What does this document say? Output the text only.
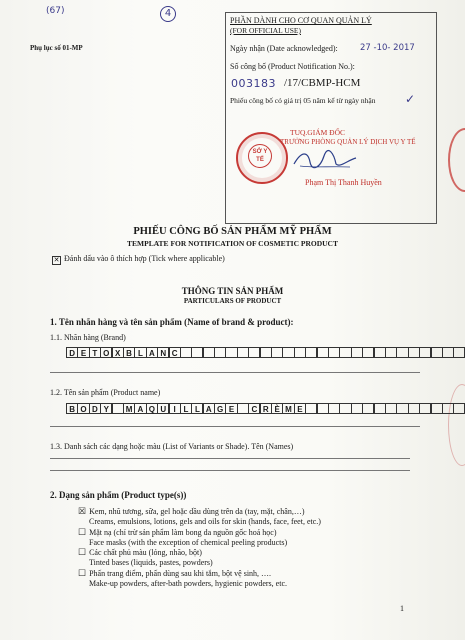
(67)	4
Phụ lục số 01-MP
PHẦN DÀNH CHO CƠ QUAN QUẢN LÝ
(FOR OFFICIAL USE)
Ngày nhận (Date acknowledged):	27 -10- 2017
Số công bố (Product Notification No.):
003183 /17/CBMP-HCM
Phiếu công bố có giá trị 05 năm kể từ ngày nhận ✓
TUQ.GIÁM ĐỐC
TRƯỞNG PHÒNG QUẢN LÝ DỊCH VỤ Y TẾ
SỞ Y TẾ
Phạm Thị Thanh Huyền
PHIẾU CÔNG BỐ SẢN PHẨM MỸ PHẨM
TEMPLATE FOR NOTIFICATION OF COSMETIC PRODUCT
✕ Đánh dấu vào ô thích hợp (Tick where applicable)
THÔNG TIN SẢN PHẨM
PARTICULARS OF PRODUCT
1. Tên nhãn hàng và tên sản phẩm (Name of brand & product):
1.1. Nhãn hàng (Brand)
D E T O X B L A N C
1.2. Tên sản phẩm (Product name)
B O D Y	M A Q U I L L A G E	C R È M E
1.3. Danh sách các dạng hoặc màu (List of Variants or Shade). Tên (Names)
2. Dạng sản phẩm (Product type(s))
☒ Kem, nhũ tương, sữa, gel hoặc dầu dùng trên da (tay, mặt, chân,…)
Creams, emulsions, lotions, gels and oils for skin (hands, face, feet, etc.)
☐ Mặt nạ (chỉ trừ sản phẩm làm bong da nguồn gốc hoá học)
Face masks (with the exception of chemical peeling products)
☐ Các chất phủ màu (lỏng, nhão, bột)
Tinted bases (liquids, pastes, powders)
☐ Phấn trang điểm, phấn dùng sau khi tắm, bột vệ sinh, ….
Make-up powders, after-bath powders, hygienic powders, etc.
1
